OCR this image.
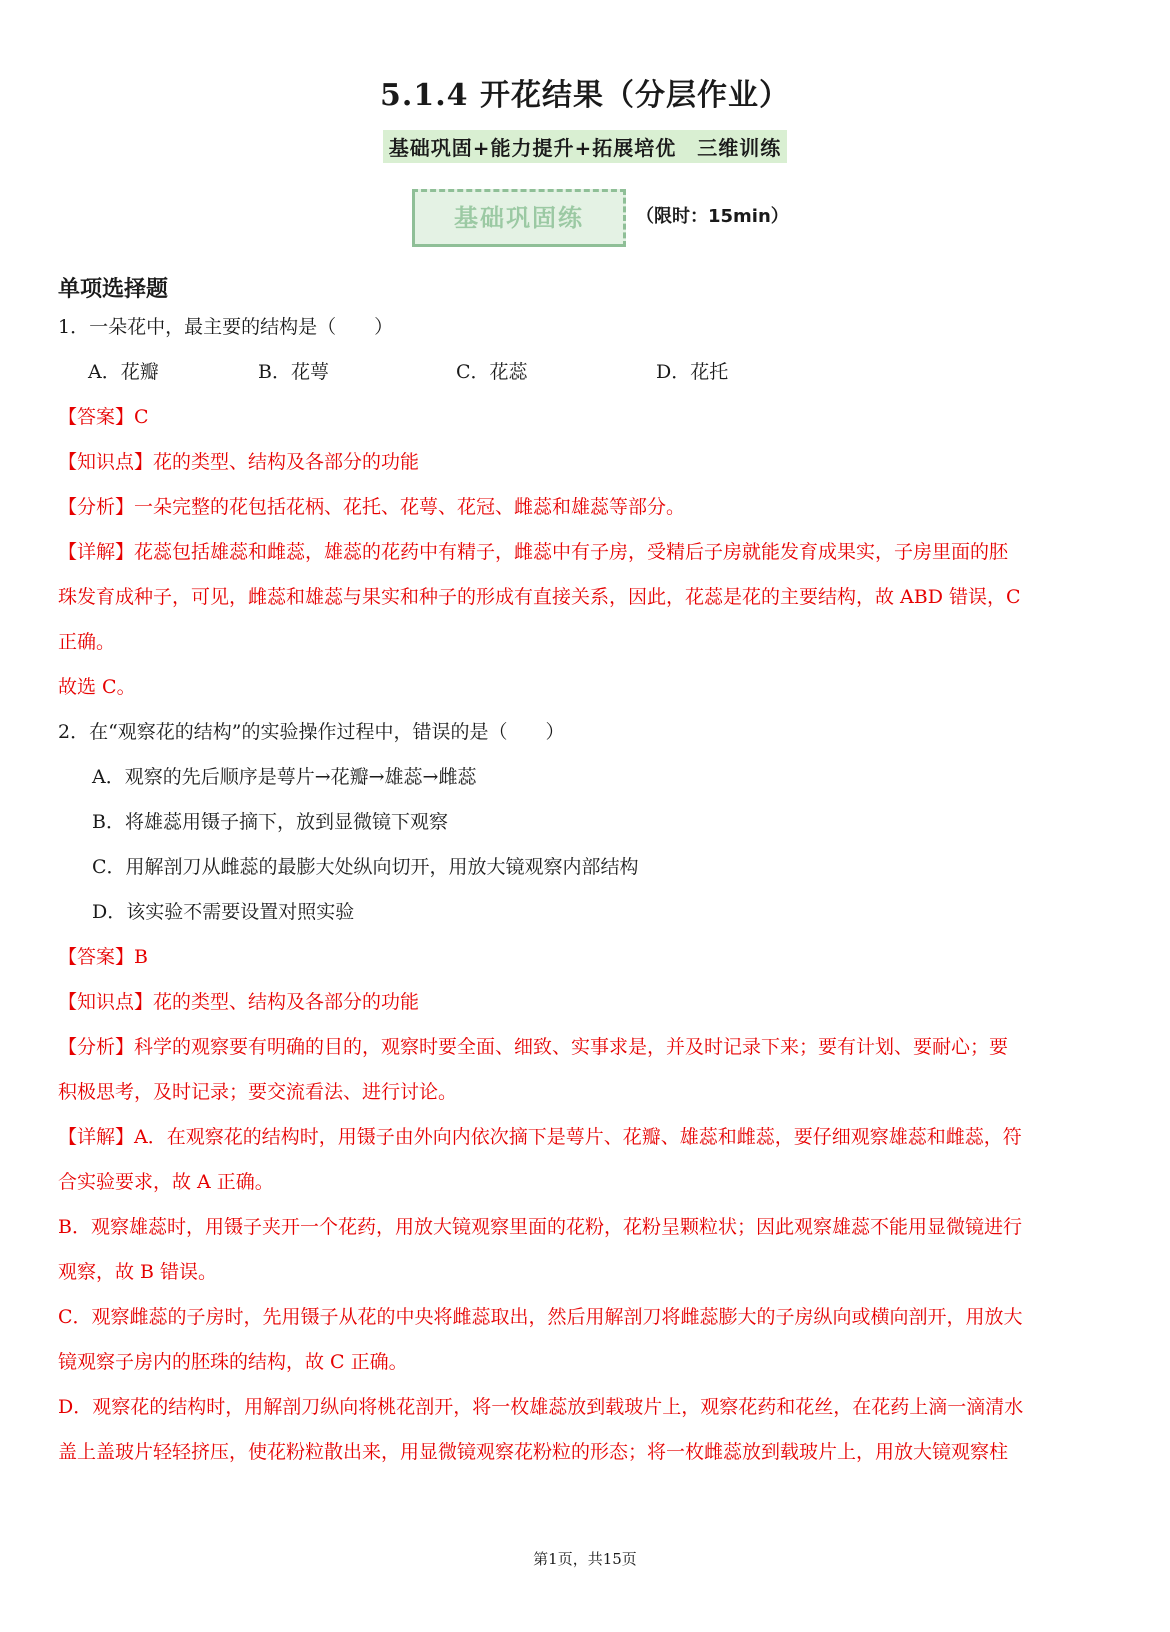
5.1.4 开花结果（分层作业）
基础巩固+能力提升+拓展培优　三维训练
基础巩固练	（限时：15min）
单项选择题
1．一朵花中，最主要的结构是（　　）
A．花瓣	B．花萼	C．花蕊	D．花托
【答案】C
【知识点】花的类型、结构及各部分的功能
【分析】一朵完整的花包括花柄、花托、花萼、花冠、雌蕊和雄蕊等部分。
【详解】花蕊包括雄蕊和雌蕊，雄蕊的花药中有精子，雌蕊中有子房，受精后子房就能发育成果实，子房里面的胚
珠发育成种子，可见，雌蕊和雄蕊与果实和种子的形成有直接关系，因此，花蕊是花的主要结构，故 ABD 错误，C
正确。
故选 C。
2．在“观察花的结构”的实验操作过程中，错误的是（　　）
A．观察的先后顺序是萼片→花瓣→雄蕊→雌蕊
B．将雄蕊用镊子摘下，放到显微镜下观察
C．用解剖刀从雌蕊的最膨大处纵向切开，用放大镜观察内部结构
D．该实验不需要设置对照实验
【答案】B
【知识点】花的类型、结构及各部分的功能
【分析】科学的观察要有明确的目的，观察时要全面、细致、实事求是，并及时记录下来；要有计划、要耐心；要
积极思考，及时记录；要交流看法、进行讨论。
【详解】A．在观察花的结构时，用镊子由外向内依次摘下是萼片、花瓣、雄蕊和雌蕊，要仔细观察雄蕊和雌蕊，符
合实验要求，故 A 正确。
B．观察雄蕊时，用镊子夹开一个花药，用放大镜观察里面的花粉，花粉呈颗粒状；因此观察雄蕊不能用显微镜进行
观察，故 B 错误。
C．观察雌蕊的子房时，先用镊子从花的中央将雌蕊取出，然后用解剖刀将雌蕊膨大的子房纵向或横向剖开，用放大
镜观察子房内的胚珠的结构，故 C 正确。
D．观察花的结构时，用解剖刀纵向将桃花剖开，将一枚雄蕊放到载玻片上，观察花药和花丝，在花药上滴一滴清水
盖上盖玻片轻轻挤压，使花粉粒散出来，用显微镜观察花粉粒的形态；将一枚雌蕊放到载玻片上，用放大镜观察柱
第1页，共15页
